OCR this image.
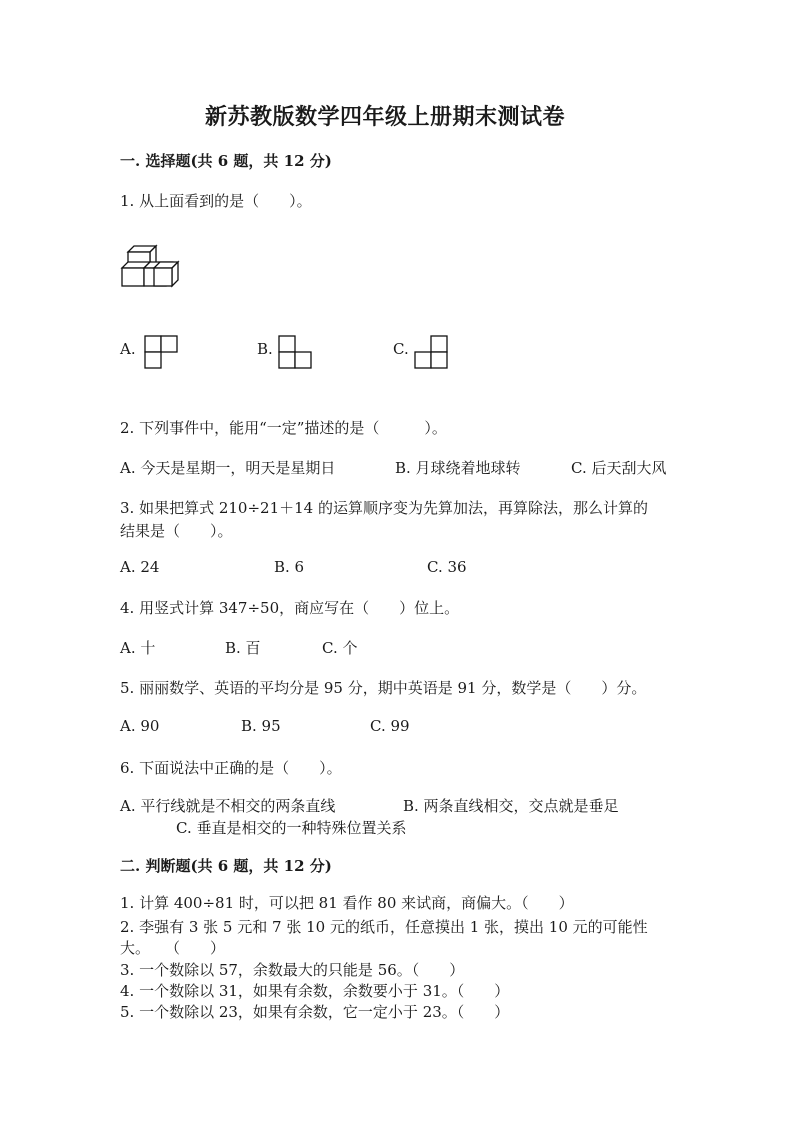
新苏教版数学四年级上册期末测试卷
一. 选择题(共 6 题，共 12 分)
1. 从上面看到的是（　　）。
A.	B.	C.
2. 下列事件中，能用“一定”描述的是（　　　）。
A. 今天是星期一，明天是星期日	B. 月球绕着地球转	C. 后天刮大风
3. 如果把算式 210÷21＋14 的运算顺序变为先算加法，再算除法，那么计算的
结果是（　　）。
A. 24	B. 6	C. 36
4. 用竖式计算 347÷50，商应写在（　　）位上。
A. 十	B. 百	C. 个
5. 丽丽数学、英语的平均分是 95 分，期中英语是 91 分，数学是（　　）分。
A. 90	B. 95	C. 99
6. 下面说法中正确的是（　　）。
A. 平行线就是不相交的两条直线	B. 两条直线相交，交点就是垂足
C. 垂直是相交的一种特殊位置关系
二. 判断题(共 6 题，共 12 分)
1. 计算 400÷81 时，可以把 81 看作 80 来试商，商偏大。（　　）
2. 李强有 3 张 5 元和 7 张 10 元的纸币，任意摸出 1 张，摸出 10 元的可能性
大。　　（　　）
3. 一个数除以 57，余数最大的只能是 56。（　　）
4. 一个数除以 31，如果有余数，余数要小于 31。（　　）
5. 一个数除以 23，如果有余数，它一定小于 23。（　　）
